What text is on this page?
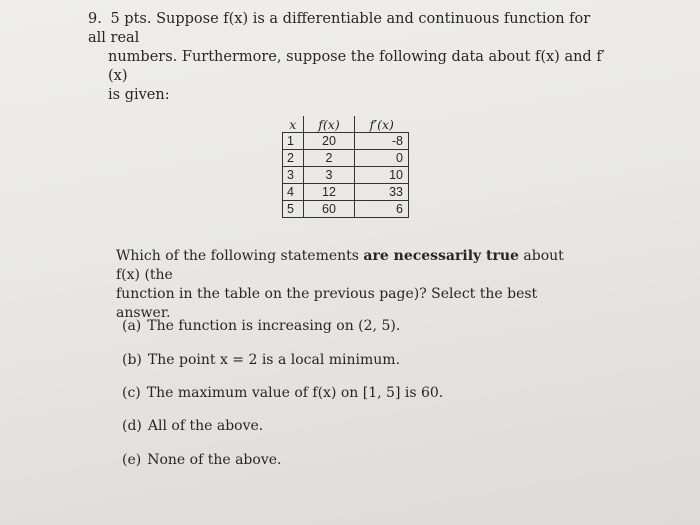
9. 5 pts. Suppose f(x) is a differentiable and continuous function for all real
numbers. Furthermore, suppose the following data about f(x) and f′(x)
is given:
x	f(x)	f′(x)
1	20	-8
2	2	0
3	3	10
4	12	33
5	60	6
Which of the following statements are necessarily true about f(x) (the
function in the table on the previous page)? Select the best answer.
(a) The function is increasing on (2, 5).
(b) The point x = 2 is a local minimum.
(c) The maximum value of f(x) on [1, 5] is 60.
(d) All of the above.
(e) None of the above.
